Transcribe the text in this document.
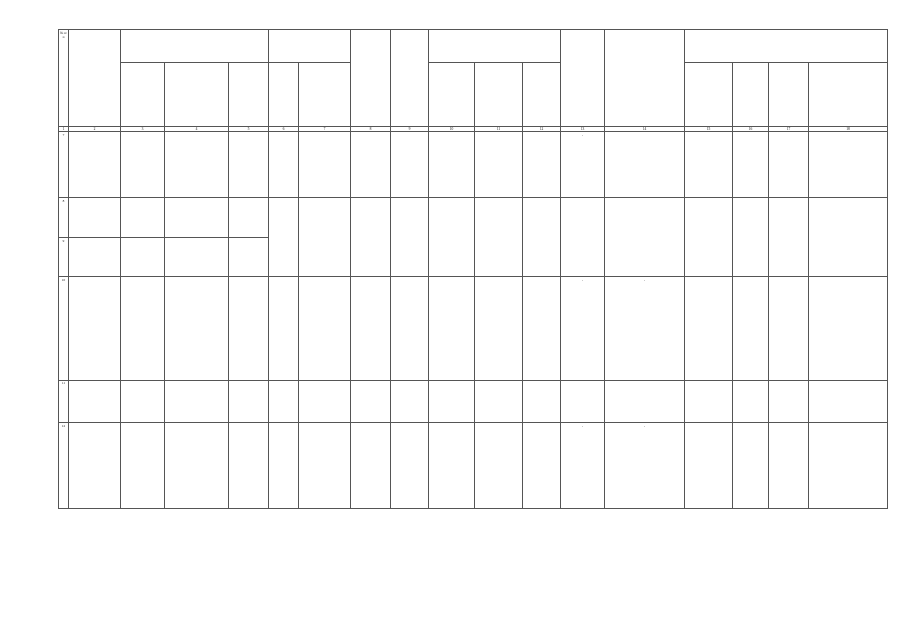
№ п/п																	

1	2	3	4	5	6	7	8	9	10	11	12	13	14	15	16	17	18
7												-					
8																	
9																	
10												-	-				
11																	
12												-	-				
